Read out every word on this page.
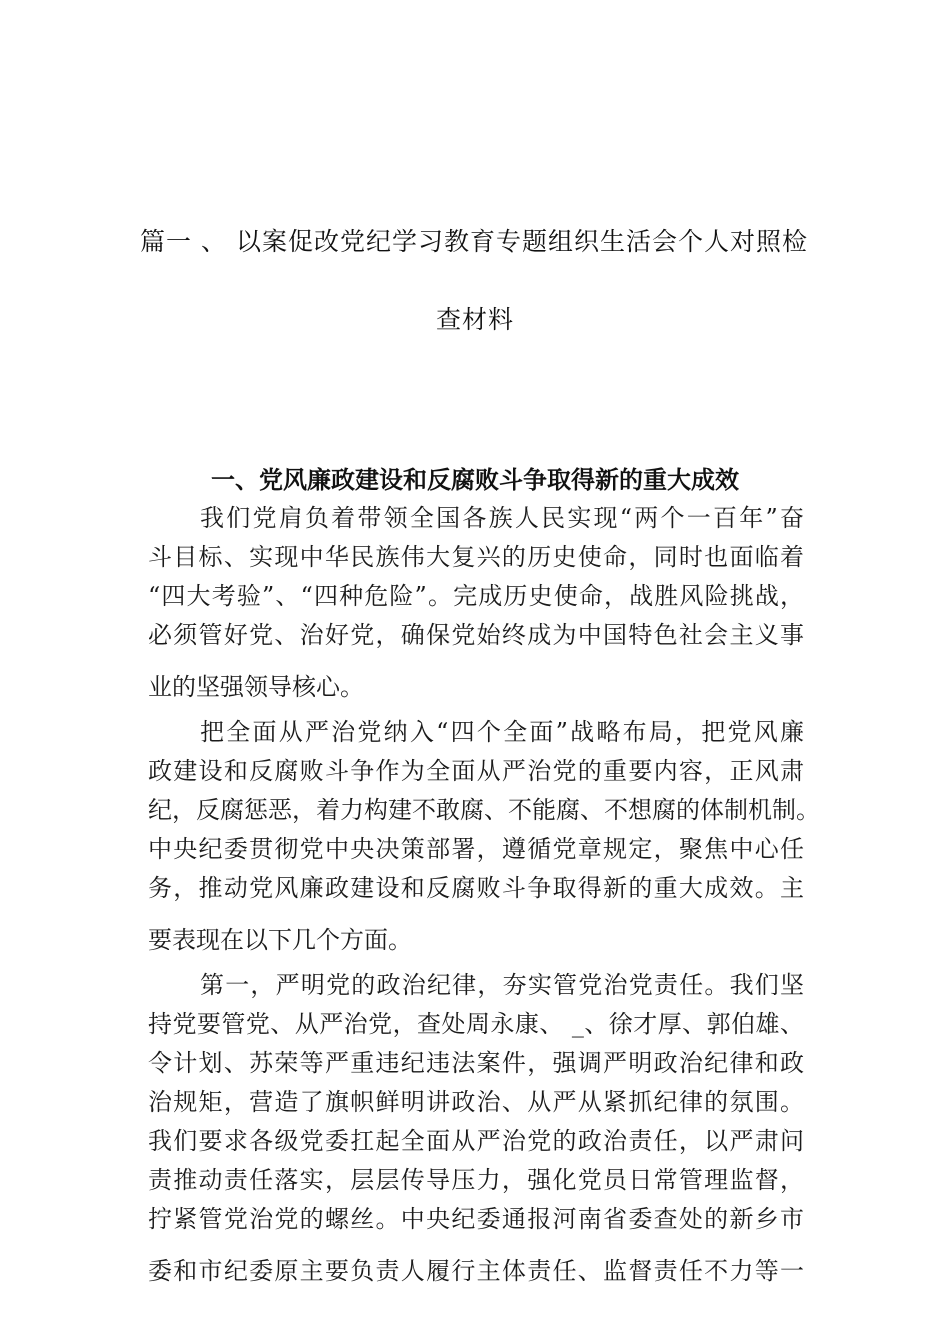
篇一 、 以案促改党纪学习教育专题组织生活会个人对照检
查材料
一、党风廉政建设和反腐败斗争取得新的重大成效
我们党肩负着带领全国各族人民实现“两个一百年”奋
斗目标、实现中华民族伟大复兴的历史使命，同时也面临着
“四大考验”、“四种危险”。完成历史使命，战胜风险挑战，
必须管好党、治好党，确保党始终成为中国特色社会主义事
业的坚强领导核心。
把全面从严治党纳入“四个全面”战略布局，把党风廉
政建设和反腐败斗争作为全面从严治党的重要内容，正风肃
纪，反腐惩恶，着力构建不敢腐、不能腐、不想腐的体制机制。
中央纪委贯彻党中央决策部署，遵循党章规定，聚焦中心任
务，推动党风廉政建设和反腐败斗争取得新的重大成效。主
要表现在以下几个方面。
第一，严明党的政治纪律，夯实管党治党责任。我们坚
持党要管党、从严治党，查处周永康、 _、徐才厚、郭伯雄、
令计划、苏荣等严重违纪违法案件，强调严明政治纪律和政
治规矩，营造了旗帜鲜明讲政治、从严从紧抓纪律的氛围。
我们要求各级党委扛起全面从严治党的政治责任，以严肃问
责推动责任落实，层层传导压力，强化党员日常管理监督，
拧紧管党治党的螺丝。中央纪委通报河南省委查处的新乡市
委和市纪委原主要负责人履行主体责任、监督责任不力等一
